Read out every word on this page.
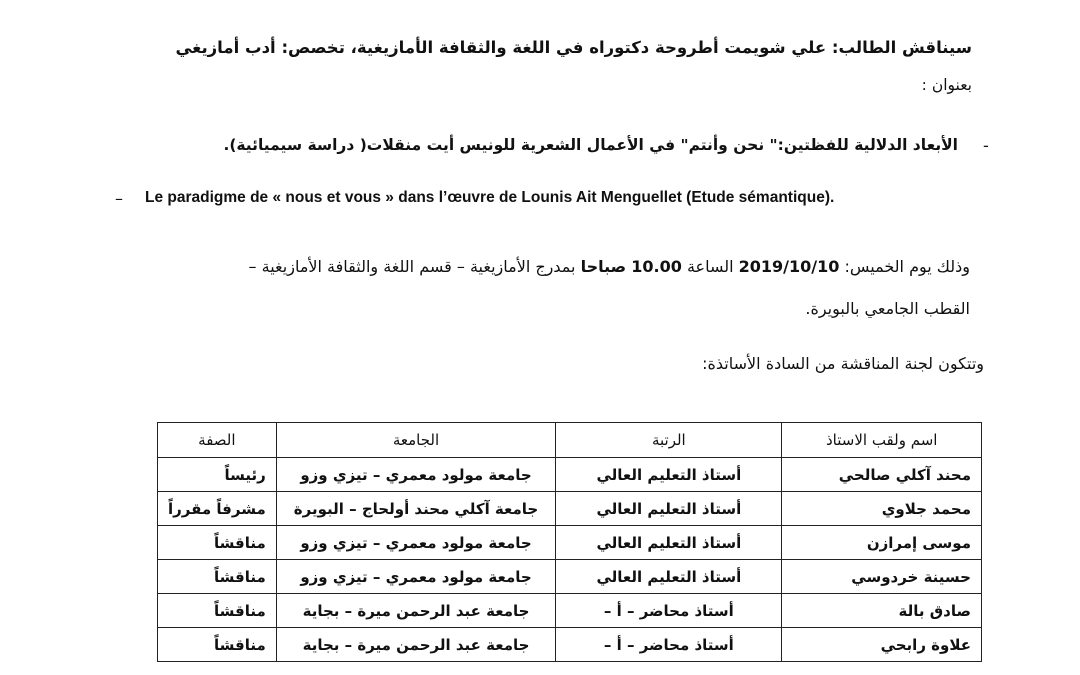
سيناقش الطالب: علي شويمت أطروحة دكتوراه في اللغة والثقافة الأمازيغية، تخصص: أدب أمازيغي
بعنوان :
-
الأبعاد الدلالية للفظتين:" نحن وأنتم" في الأعمال الشعرية للونيس أيت منقلات( دراسة سيميائية).
– Le paradigme de « nous et vous » dans l’œuvre de Lounis Ait Menguellet (Etude sémantique).
وذلك يوم الخميس: 2019/10/10 الساعة 10.00 صباحا بمدرج الأمازيغية – قسم اللغة والثقافة الأمازيغية –
القطب الجامعي بالبويرة.
وتتكون لجنة المناقشة من السادة الأساتذة:
اسم ولقب الاستاذ	الرتبة	الجامعة	الصفة
محند آكلي صالحي	أستاذ التعليم العالي	جامعة مولود معمري – تيزي وزو	رئيساً
محمد جلاوي	أستاذ التعليم العالي	جامعة آكلي محند أولحاج – البويرة	مشرفاً مقرراً
موسى إمرازن	أستاذ التعليم العالي	جامعة مولود معمري – تيزي وزو	مناقشاً
حسينة خردوسي	أستاذ التعليم العالي	جامعة مولود معمري – تيزي وزو	مناقشاً
صادق بالة	أستاذ محاضر – أ –	جامعة عبد الرحمن ميرة – بجاية	مناقشاً
علاوة رابحي	أستاذ محاضر – أ –	جامعة عبد الرحمن ميرة – بجاية	مناقشاً
